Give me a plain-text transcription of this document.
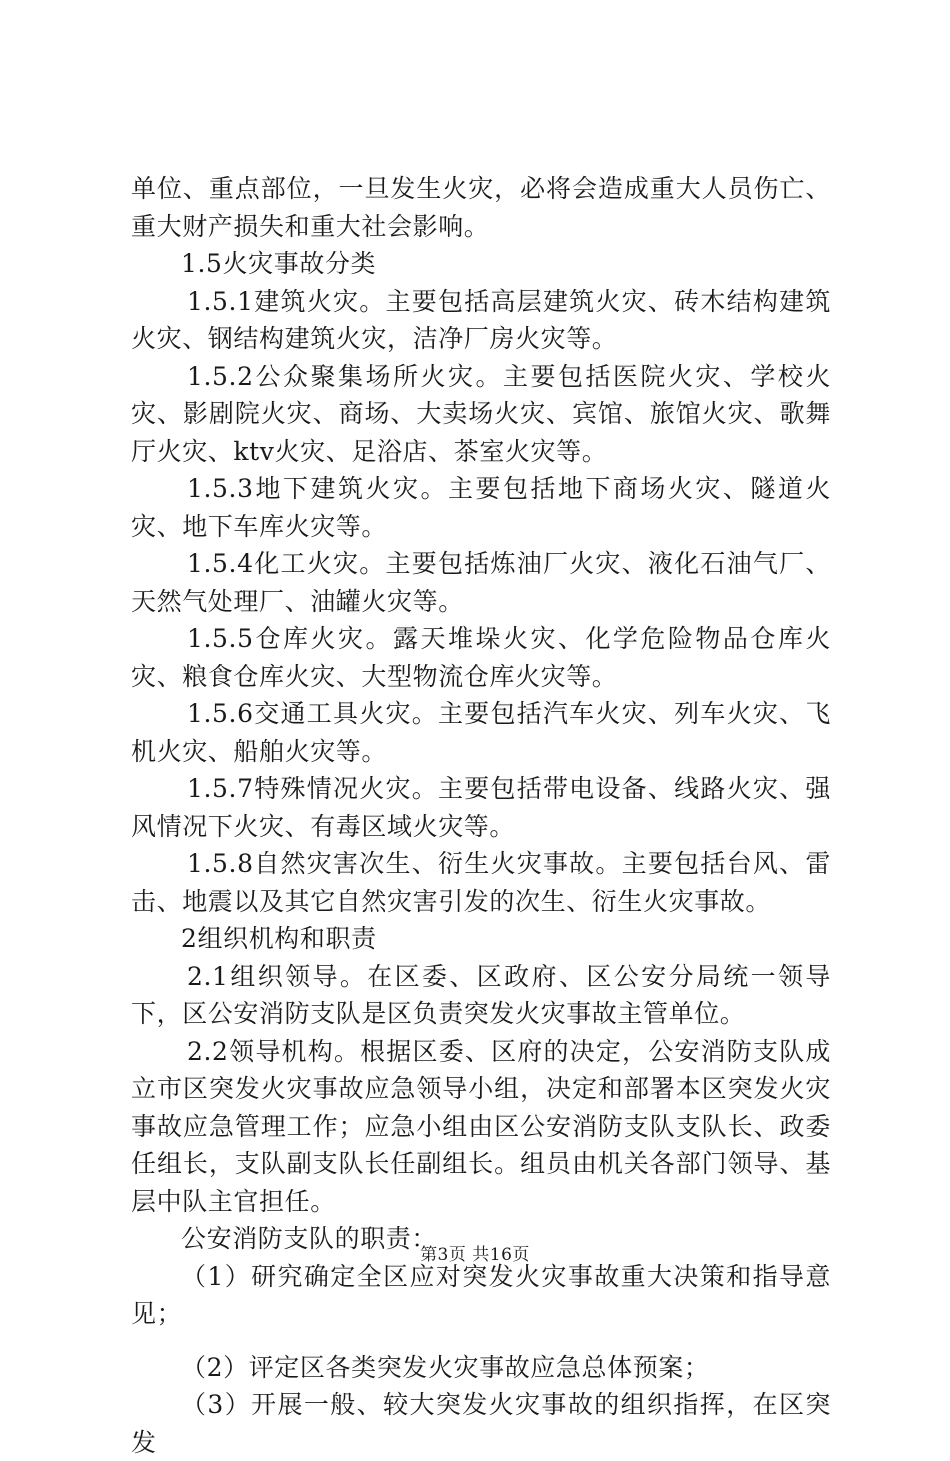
单位、重点部位，一旦发生火灾，必将会造成重大人员伤亡、重大财产损失和重大社会影响。

1.5火灾事故分类

1.5.1建筑火灾。主要包括高层建筑火灾、砖木结构建筑火灾、钢结构建筑火灾，洁净厂房火灾等。

1.5.2公众聚集场所火灾。主要包括医院火灾、学校火灾、影剧院火灾、商场、大卖场火灾、宾馆、旅馆火灾、歌舞厅火灾、ktv火灾、足浴店、茶室火灾等。

1.5.3地下建筑火灾。主要包括地下商场火灾、隧道火灾、地下车库火灾等。

1.5.4化工火灾。主要包括炼油厂火灾、液化石油气厂、天然气处理厂、油罐火灾等。

1.5.5仓库火灾。露天堆垛火灾、化学危险物品仓库火灾、粮食仓库火灾、大型物流仓库火灾等。

1.5.6交通工具火灾。主要包括汽车火灾、列车火灾、飞机火灾、船舶火灾等。

1.5.7特殊情况火灾。主要包括带电设备、线路火灾、强风情况下火灾、有毒区域火灾等。

1.5.8自然灾害次生、衍生火灾事故。主要包括台风、雷击、地震以及其它自然灾害引发的次生、衍生火灾事故。

2组织机构和职责

2.1组织领导。在区委、区政府、区公安分局统一领导下，区公安消防支队是区负责突发火灾事故主管单位。

2.2领导机构。根据区委、区府的决定，公安消防支队成立市区突发火灾事故应急领导小组，决定和部署本区突发火灾事故应急管理工作；应急小组由区公安消防支队支队长、政委任组长，支队副支队长任副组长。组员由机关各部门领导、基层中队主官担任。

公安消防支队的职责：

（1）研究确定全区应对突发火灾事故重大决策和指导意见；

（2）评定区各类突发火灾事故应急总体预案；

（3）开展一般、较大突发火灾事故的组织指挥，在区突发

第3页 共16页
